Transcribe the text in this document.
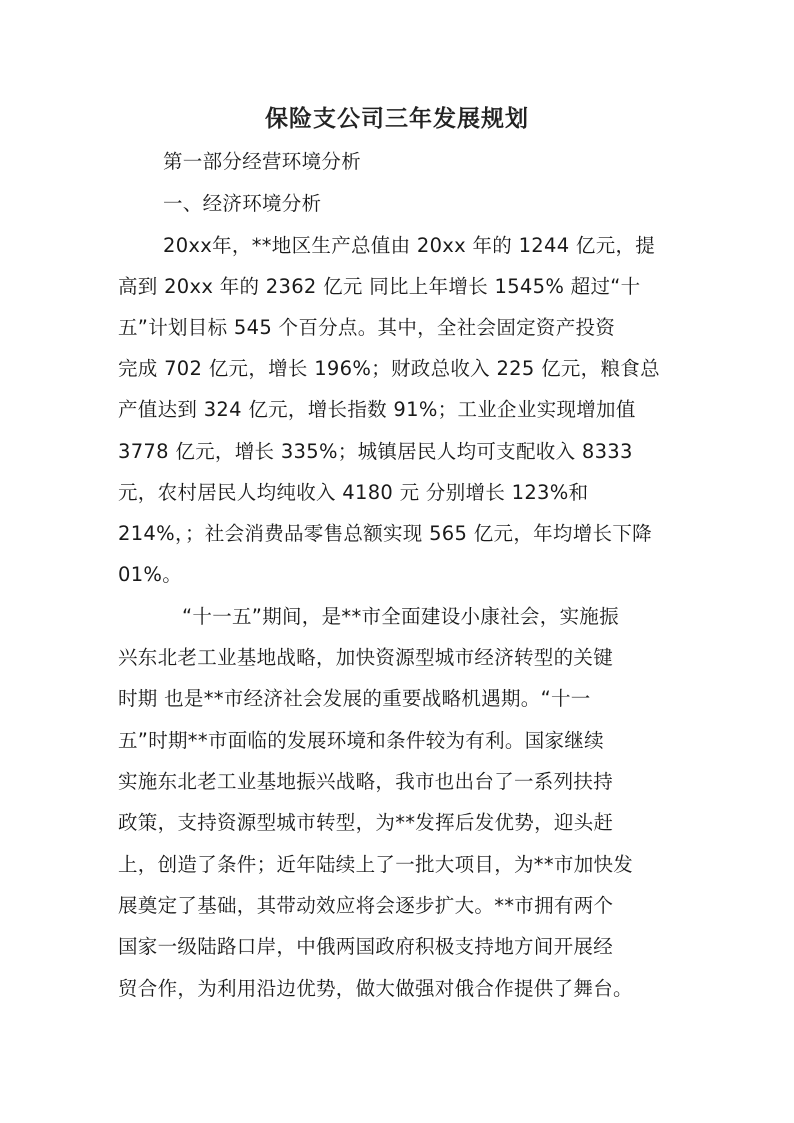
保险支公司三年发展规划
第一部分经营环境分析
一、经济环境分析
20xx年，**地区生产总值由 20xx 年的 1244 亿元，提
高到 20xx 年的 2362 亿元 同比上年增长 1545% 超过“十
五”计划目标 545 个百分点。其中，全社会固定资产投资
完成 702 亿元，增长 196%；财政总收入 225 亿元，粮食总
产值达到 324 亿元，增长指数 91%；工业企业实现增加值
3778 亿元，增长 335%；城镇居民人均可支配收入 8333
元，农村居民人均纯收入 4180 元 分别增长 123%和
214%，；社会消费品零售总额实现 565 亿元，年均增长下降
01%。
“十一五”期间，是**市全面建设小康社会，实施振
兴东北老工业基地战略，加快资源型城市经济转型的关键
时期 也是**市经济社会发展的重要战略机遇期。“十一
五”时期**市面临的发展环境和条件较为有利。国家继续
实施东北老工业基地振兴战略，我市也出台了一系列扶持
政策，支持资源型城市转型，为**发挥后发优势，迎头赶
上，创造了条件；近年陆续上了一批大项目，为**市加快发
展奠定了基础，其带动效应将会逐步扩大。**市拥有两个
国家一级陆路口岸，中俄两国政府积极支持地方间开展经
贸合作，为利用沿边优势，做大做强对俄合作提供了舞台。
